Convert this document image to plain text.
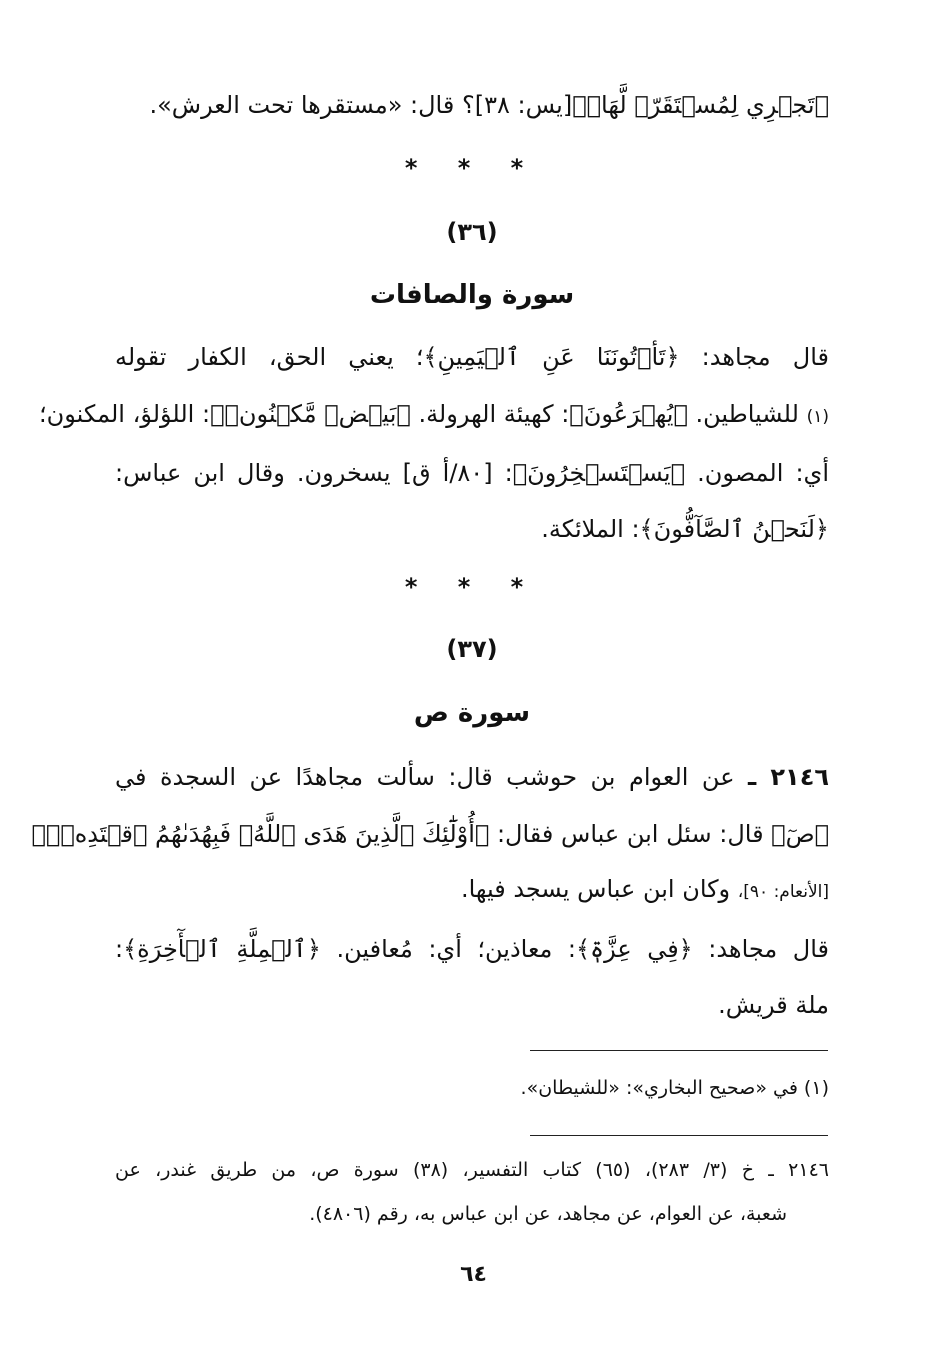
﴿تَجۡرِي لِمُسۡتَقَرّٖ لَّهَاۚ﴾[يس: ٣٨]؟ قال: «مستقرها تحت العرش».
* * *
(٣٦)
سورة والصافات
قال مجاهد: ﴿تَأۡتُونَنَا عَنِ ٱلۡيَمِينِ﴾؛ يعني الحق، الكفار تقوله
(١) للشياطين. ﴿يُهۡرَعُونَ﴾: كهيئة الهرولة. ﴿بَيۡضٞ مَّكۡنُونٞ﴾: اللؤلؤ، المكنون؛
أي: المصون. ﴿يَسۡتَسۡخِرُونَ﴾: [٨٠/أ ق] يسخرون. وقال ابن عباس:
﴿لَنَحۡنُ ٱلصَّآفُّونَ﴾: الملائكة.
* * *
(٣٧)
سورة ص
٢١٤٦ ـ عن العوام بن حوشب قال: سألت مجاهدًا عن السجدة في
﴿صٓ﴾ قال: سئل ابن عباس فقال: ﴿أُوْلَٰٓئِكَ ٱلَّذِينَ هَدَى ٱللَّهُۖ فَبِهُدَىٰهُمُ ٱقۡتَدِهۡۗ﴾
[الأنعام: ٩٠]، وكان ابن عباس يسجد فيها.
قال مجاهد: ﴿فِي عِزَّةٖ﴾: معاذين؛ أي: مُعافين. ﴿ٱلۡمِلَّةِ ٱلۡأٓخِرَةِ﴾:
ملة قريش.
(١) في «صحيح البخاري»: «للشيطان».
٢١٤٦ ـ خ (٣/ ٢٨٣)، (٦٥) كتاب التفسير، (٣٨) سورة ص، من طريق غندر، عن
شعبة، عن العوام، عن مجاهد، عن ابن عباس به، رقم (٤٨٠٦).
٦٤
